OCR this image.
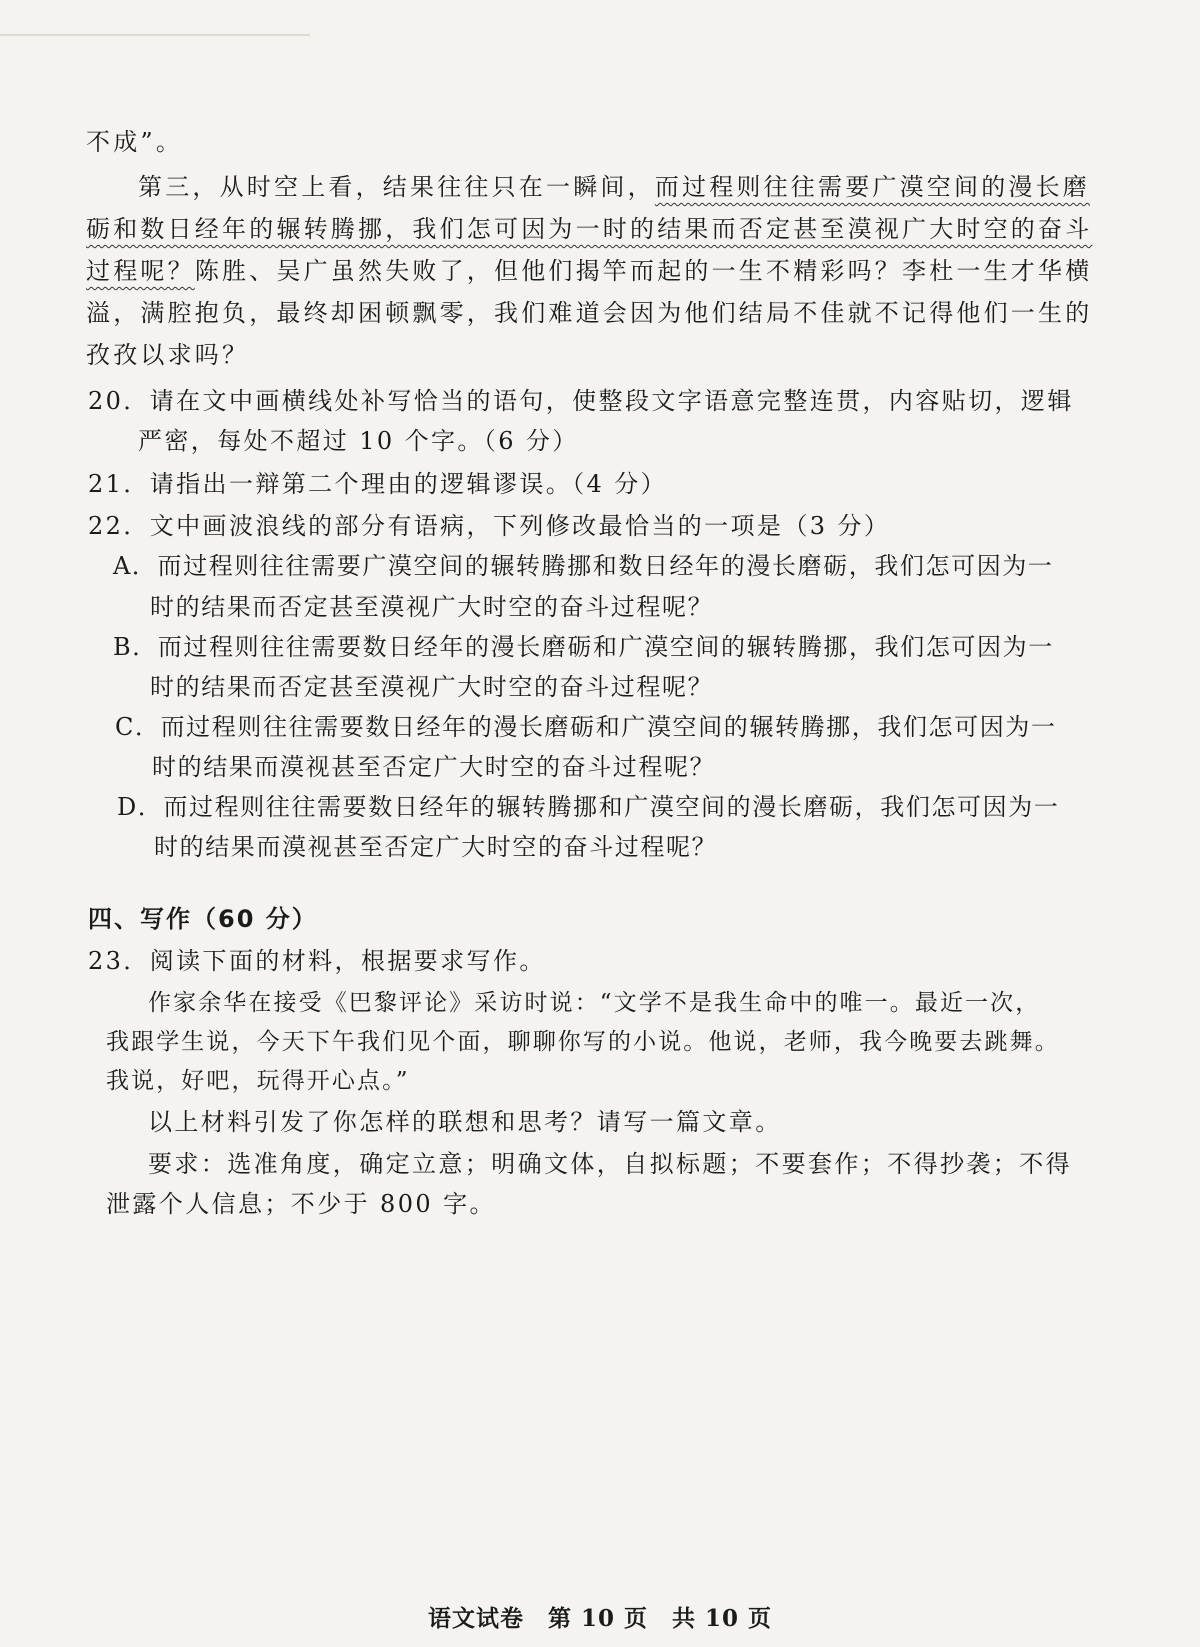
不成”。
第三，从时空上看，结果往往只在一瞬间，而过程则往往需要广漠空间的漫长磨
砺和数日经年的辗转腾挪，我们怎可因为一时的结果而否定甚至漠视广大时空的奋斗
过程呢？陈胜、吴广虽然失败了，但他们揭竿而起的一生不精彩吗？李杜一生才华横
溢，满腔抱负，最终却困顿飘零，我们难道会因为他们结局不佳就不记得他们一生的
孜孜以求吗？
20．请在文中画横线处补写恰当的语句，使整段文字语意完整连贯，内容贴切，逻辑
严密，每处不超过 10 个字。（6 分）
21．请指出一辩第二个理由的逻辑谬误。（4 分）
22．文中画波浪线的部分有语病，下列修改最恰当的一项是（3 分）
A．而过程则往往需要广漠空间的辗转腾挪和数日经年的漫长磨砺，我们怎可因为一
时的结果而否定甚至漠视广大时空的奋斗过程呢？
B．而过程则往往需要数日经年的漫长磨砺和广漠空间的辗转腾挪，我们怎可因为一
时的结果而否定甚至漠视广大时空的奋斗过程呢？
C．而过程则往往需要数日经年的漫长磨砺和广漠空间的辗转腾挪，我们怎可因为一
时的结果而漠视甚至否定广大时空的奋斗过程呢？
D．而过程则往往需要数日经年的辗转腾挪和广漠空间的漫长磨砺，我们怎可因为一
时的结果而漠视甚至否定广大时空的奋斗过程呢？
四、写作（60 分）
23．阅读下面的材料，根据要求写作。
作家余华在接受《巴黎评论》采访时说：“文学不是我生命中的唯一。最近一次，
我跟学生说，今天下午我们见个面，聊聊你写的小说。他说，老师，我今晚要去跳舞。
我说，好吧，玩得开心点。”
以上材料引发了你怎样的联想和思考？请写一篇文章。
要求：选准角度，确定立意；明确文体，自拟标题；不要套作；不得抄袭；不得
泄露个人信息；不少于 800 字。
语文试卷　第 10 页　共 10 页
